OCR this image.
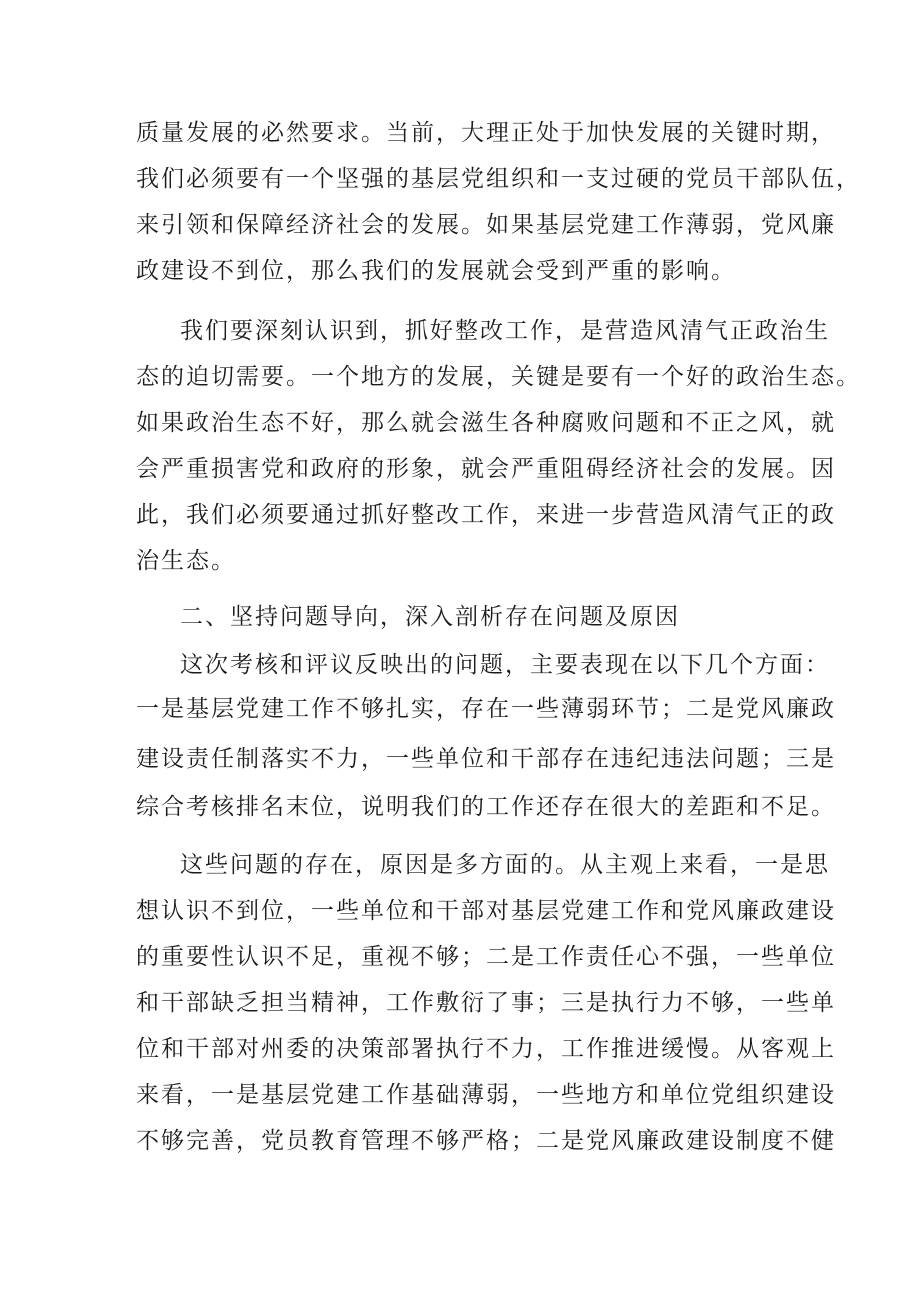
质量发展的必然要求。当前，大理正处于加快发展的关键时期，
我们必须要有一个坚强的基层党组织和一支过硬的党员干部队伍，
来引领和保障经济社会的发展。如果基层党建工作薄弱，党风廉
政建设不到位，那么我们的发展就会受到严重的影响。
我们要深刻认识到，抓好整改工作，是营造风清气正政治生
态的迫切需要。一个地方的发展，关键是要有一个好的政治生态。
如果政治生态不好，那么就会滋生各种腐败问题和不正之风，就
会严重损害党和政府的形象，就会严重阻碍经济社会的发展。因
此，我们必须要通过抓好整改工作，来进一步营造风清气正的政
治生态。
二、坚持问题导向，深入剖析存在问题及原因
这次考核和评议反映出的问题，主要表现在以下几个方面：
一是基层党建工作不够扎实，存在一些薄弱环节；二是党风廉政
建设责任制落实不力，一些单位和干部存在违纪违法问题；三是
综合考核排名末位，说明我们的工作还存在很大的差距和不足。
这些问题的存在，原因是多方面的。从主观上来看，一是思
想认识不到位，一些单位和干部对基层党建工作和党风廉政建设
的重要性认识不足，重视不够；二是工作责任心不强，一些单位
和干部缺乏担当精神，工作敷衍了事；三是执行力不够，一些单
位和干部对州委的决策部署执行不力，工作推进缓慢。从客观上
来看，一是基层党建工作基础薄弱，一些地方和单位党组织建设
不够完善，党员教育管理不够严格；二是党风廉政建设制度不健
